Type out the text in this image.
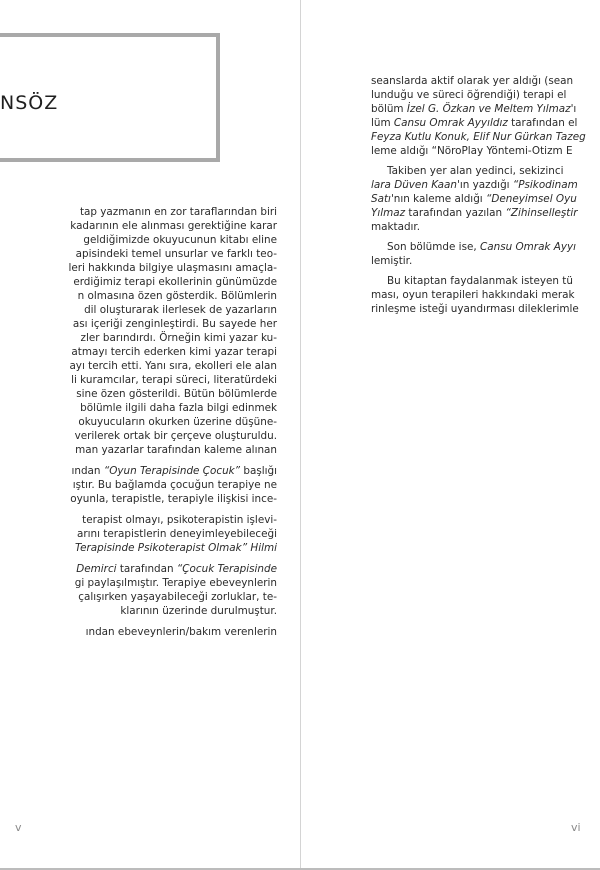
NSÖZ
tap yazmanın en zor taraflarından biri
kadarının ele alınması gerektiğine karar
geldiğimizde okuyucunun kitabı eline
apisindeki temel unsurlar ve farklı teo-
leri hakkında bilgiye ulaşmasını amaçla-
erdiğimiz terapi ekollerinin günümüzde
n olmasına özen gösterdik. Bölümlerin
dil oluşturarak ilerlesek de yazarların
ası içeriği zenginleştirdi. Bu sayede her
zler barındırdı. Örneğin kimi yazar ku-
atmayı tercih ederken kimi yazar terapi
ayı tercih etti. Yanı sıra, ekolleri ele alan
li kuramcılar, terapi süreci, literatürdeki
sine özen gösterildi. Bütün bölümlerde
bölümle ilgili daha fazla bilgi edinmek
okuyucuların okurken üzerine düşüne-
verilerek ortak bir çerçeve oluşturuldu.
man yazarlar tarafından kaleme alınan
ından “Oyun Terapisinde Çocuk” başlığı
ıştır. Bu bağlamda çocuğun terapiye ne
oyunla, terapistle, terapiyle ilişkisi ince-
terapist olmayı, psikoterapistin işlevi-
arını terapistlerin deneyimleyebileceği
Terapisinde Psikoterapist Olmak” Hilmi
Demirci tarafından “Çocuk Terapisinde
gi paylaşılmıştır. Terapiye ebeveynlerin
çalışırken yaşayabileceği zorluklar, te-
klarının üzerinde durulmuştur.
ından ebeveynlerin/bakım verenlerin
v
seanslarda aktif olarak yer aldığı (sean
lunduğu ve süreci öğrendiği) terapi el
bölüm İzel G. Özkan ve Meltem Yılmaz'ı
lüm Cansu Omrak Ayyıldız tarafından el
Feyza Kutlu Konuk, Elif Nur Gürkan Tazeg
leme aldığı “NöroPlay Yöntemi-Otizm E
Takiben yer alan yedinci, sekizinci
lara Düven Kaan'ın yazdığı “Psikodinam
Satı'nın kaleme aldığı “Deneyimsel Oyu
Yılmaz tarafından yazılan “Zihinselleştir
maktadır.
Son bölümde ise, Cansu Omrak Ayyı
lemiştir.
Bu kitaptan faydalanmak isteyen tü
ması, oyun terapileri hakkındaki merak
rinleşme isteği uyandırması dileklerimle
vi
